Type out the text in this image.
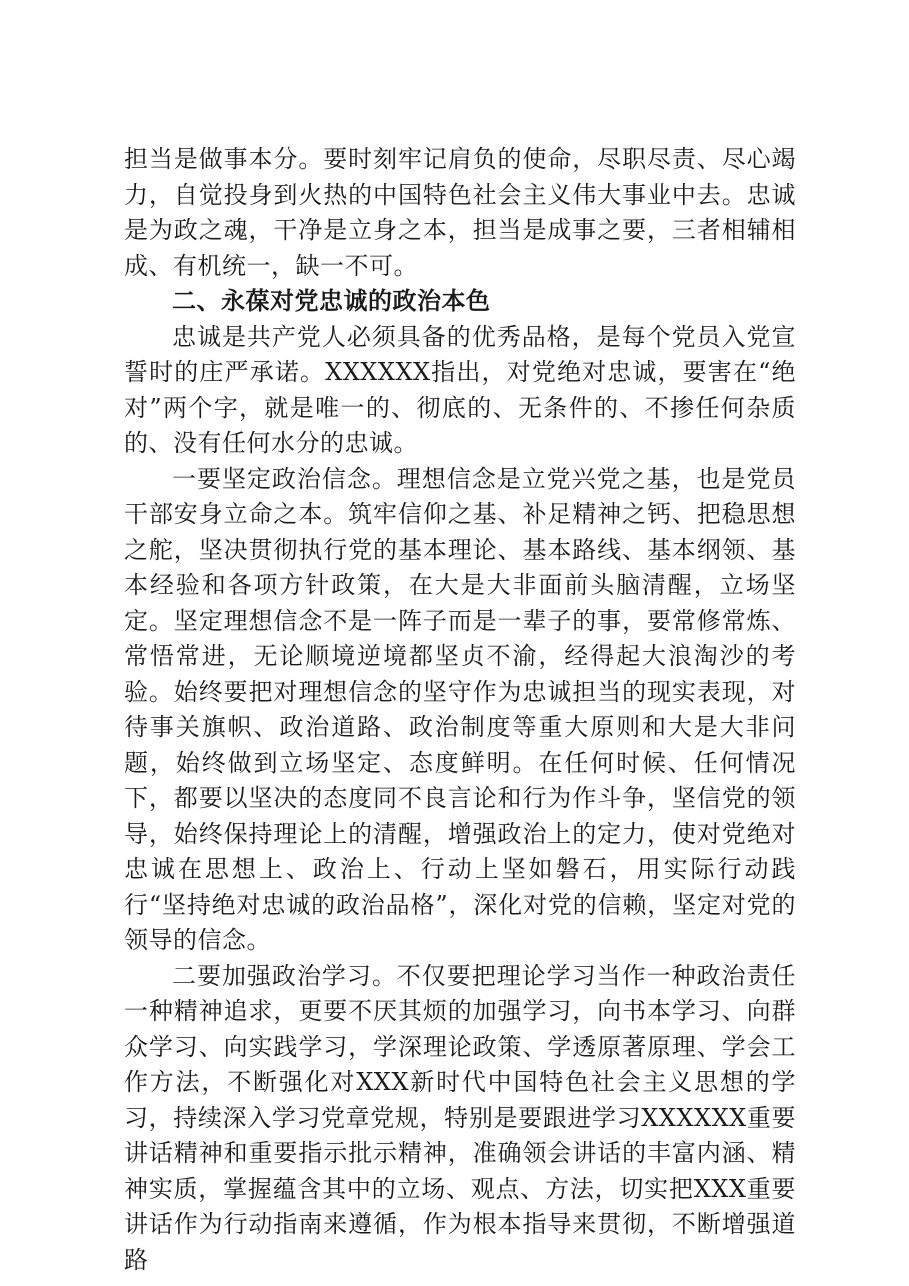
担当是做事本分。要时刻牢记肩负的使命，尽职尽责、尽心竭力，自觉投身到火热的中国特色社会主义伟大事业中去。忠诚是为政之魂，干净是立身之本，担当是成事之要，三者相辅相成、有机统一，缺一不可。

二、永葆对党忠诚的政治本色

忠诚是共产党人必须具备的优秀品格，是每个党员入党宣誓时的庄严承诺。XXXXXX指出，对党绝对忠诚，要害在“绝对”两个字，就是唯一的、彻底的、无条件的、不掺任何杂质的、没有任何水分的忠诚。

一要坚定政治信念。理想信念是立党兴党之基，也是党员干部安身立命之本。筑牢信仰之基、补足精神之钙、把稳思想之舵，坚决贯彻执行党的基本理论、基本路线、基本纲领、基本经验和各项方针政策，在大是大非面前头脑清醒，立场坚定。坚定理想信念不是一阵子而是一辈子的事，要常修常炼、常悟常进，无论顺境逆境都坚贞不渝，经得起大浪淘沙的考验。始终要把对理想信念的坚守作为忠诚担当的现实表现，对待事关旗帜、政治道路、政治制度等重大原则和大是大非问题，始终做到立场坚定、态度鲜明。在任何时候、任何情况下，都要以坚决的态度同不良言论和行为作斗争，坚信党的领导，始终保持理论上的清醒，增强政治上的定力，使对党绝对忠诚在思想上、政治上、行动上坚如磐石，用实际行动践行“坚持绝对忠诚的政治品格”，深化对党的信赖，坚定对党的领导的信念。

二要加强政治学习。不仅要把理论学习当作一种政治责任一种精神追求，更要不厌其烦的加强学习，向书本学习、向群众学习、向实践学习，学深理论政策、学透原著原理、学会工作方法，不断强化对XXX新时代中国特色社会主义思想的学习，持续深入学习党章党规，特别是要跟进学习XXXXXX重要讲话精神和重要指示批示精神，准确领会讲话的丰富内涵、精神实质，掌握蕴含其中的立场、观点、方法，切实把XXX重要讲话作为行动指南来遵循，作为根本指导来贯彻，不断增强道路
